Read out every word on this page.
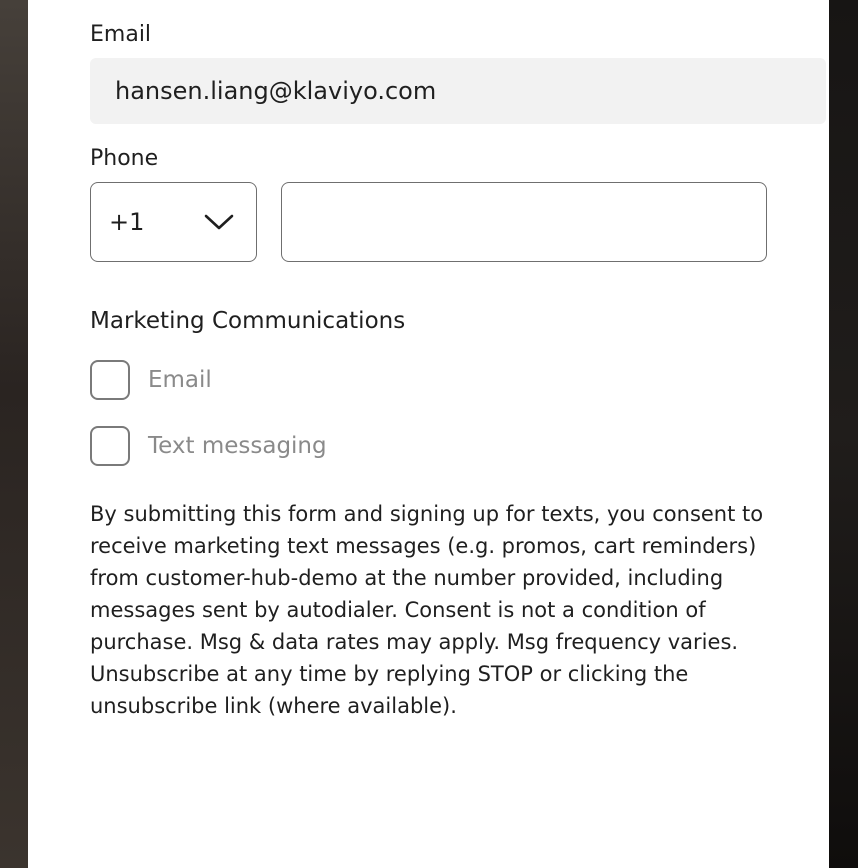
Email
hansen.liang@klaviyo.com
Phone
+1
Marketing Communications
Email
Text messaging

By submitting this form and signing up for texts, you consent to receive marketing text messages (e.g. promos, cart reminders) from customer-hub-demo at the number provided, including messages sent by autodialer. Consent is not a condition of purchase. Msg & data rates may apply. Msg frequency varies. Unsubscribe at any time by replying STOP or clicking the unsubscribe link (where available).
